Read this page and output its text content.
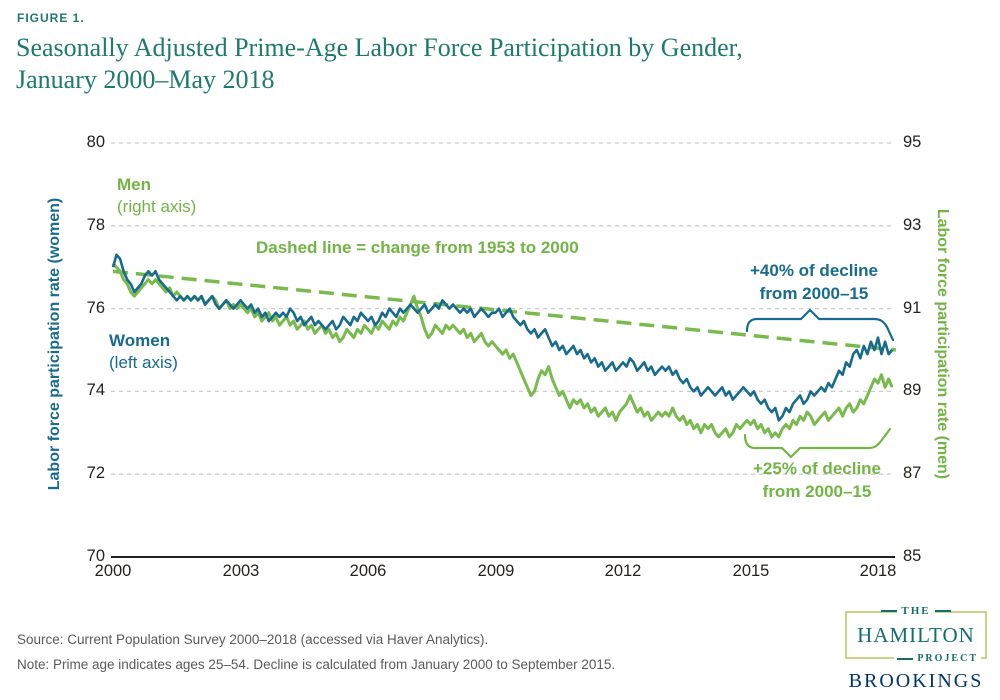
FIGURE 1.
Seasonally Adjusted Prime-Age Labor Force Participation by Gender,
January 2000–May 2018
80
78
76
74
72
70
95
93
91
89
87
85
2000	2003	2006	2009	2012	2015	2018
Labor force participation rate (women)	Labor force participation rate (men)
Men
(right axis)
Women
(left axis)
Dashed line = change from 1953 to 2000
+40% of decline
from 2000–15
+25% of decline
from 2000–15
Source: Current Population Survey 2000–2018 (accessed via Haver Analytics).
Note: Prime age indicates ages 25–54. Decline is calculated from January 2000 to September 2015.
THE
HAMILTON
PROJECT
BROOKINGS
